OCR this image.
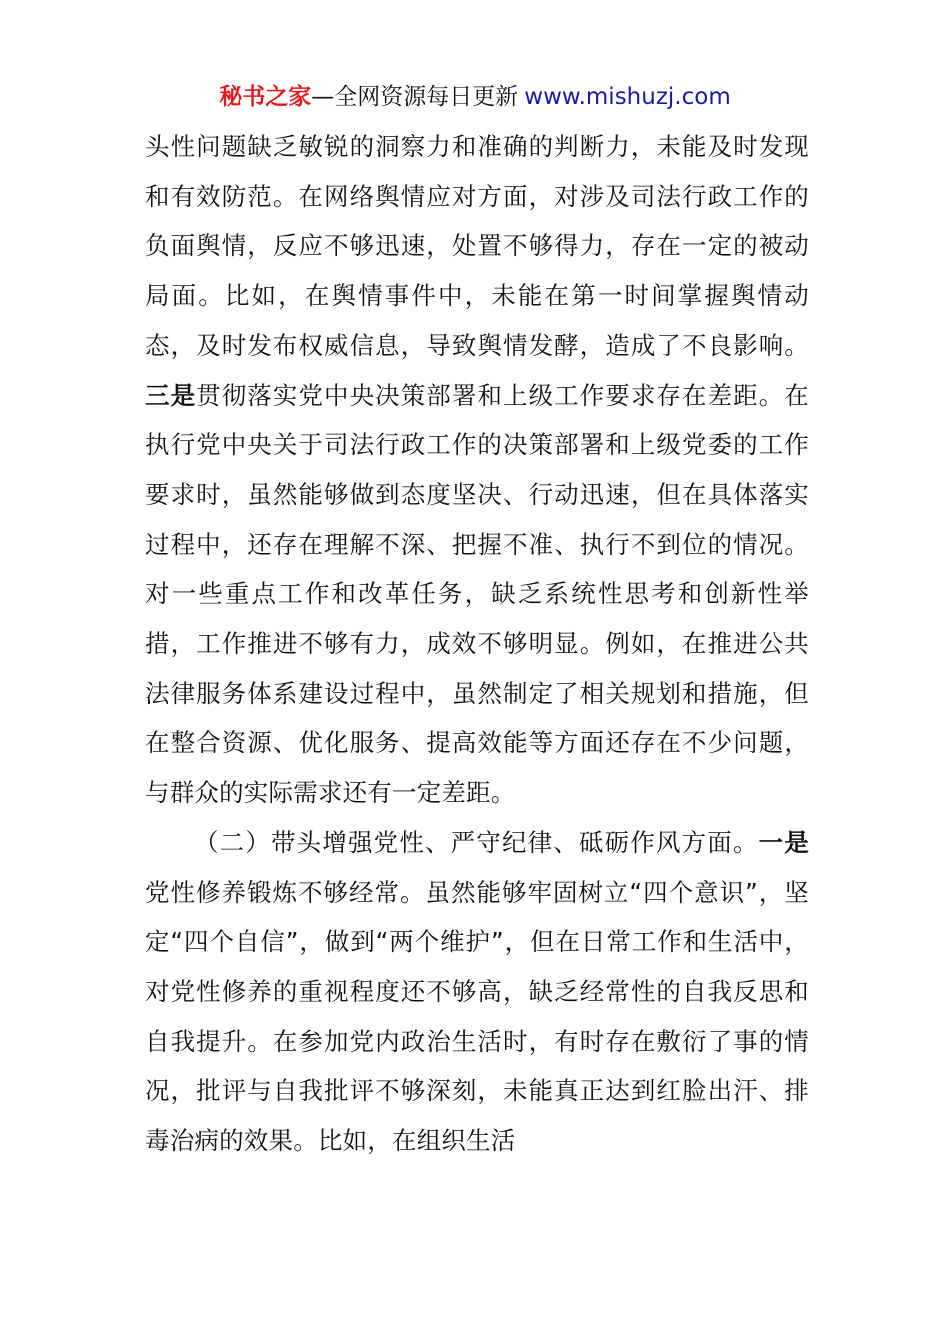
秘书之家—全网资源每日更新 www.mishuzj.com

头性问题缺乏敏锐的洞察力和准确的判断力，未能及时发现和有效防范。在网络舆情应对方面，对涉及司法行政工作的负面舆情，反应不够迅速，处置不够得力，存在一定的被动局面。比如，在舆情事件中，未能在第一时间掌握舆情动态，及时发布权威信息，导致舆情发酵，造成了不良影响。三是贯彻落实党中央决策部署和上级工作要求存在差距。在执行党中央关于司法行政工作的决策部署和上级党委的工作要求时，虽然能够做到态度坚决、行动迅速，但在具体落实过程中，还存在理解不深、把握不准、执行不到位的情况。对一些重点工作和改革任务，缺乏系统性思考和创新性举措，工作推进不够有力，成效不够明显。例如，在推进公共法律服务体系建设过程中，虽然制定了相关规划和措施，但在整合资源、优化服务、提高效能等方面还存在不少问题，与群众的实际需求还有一定差距。

（二）带头增强党性、严守纪律、砥砺作风方面。一是党性修养锻炼不够经常。虽然能够牢固树立“四个意识”，坚定“四个自信”，做到“两个维护”，但在日常工作和生活中，对党性修养的重视程度还不够高，缺乏经常性的自我反思和自我提升。在参加党内政治生活时，有时存在敷衍了事的情况，批评与自我批评不够深刻，未能真正达到红脸出汗、排毒治病的效果。比如，在组织生活
